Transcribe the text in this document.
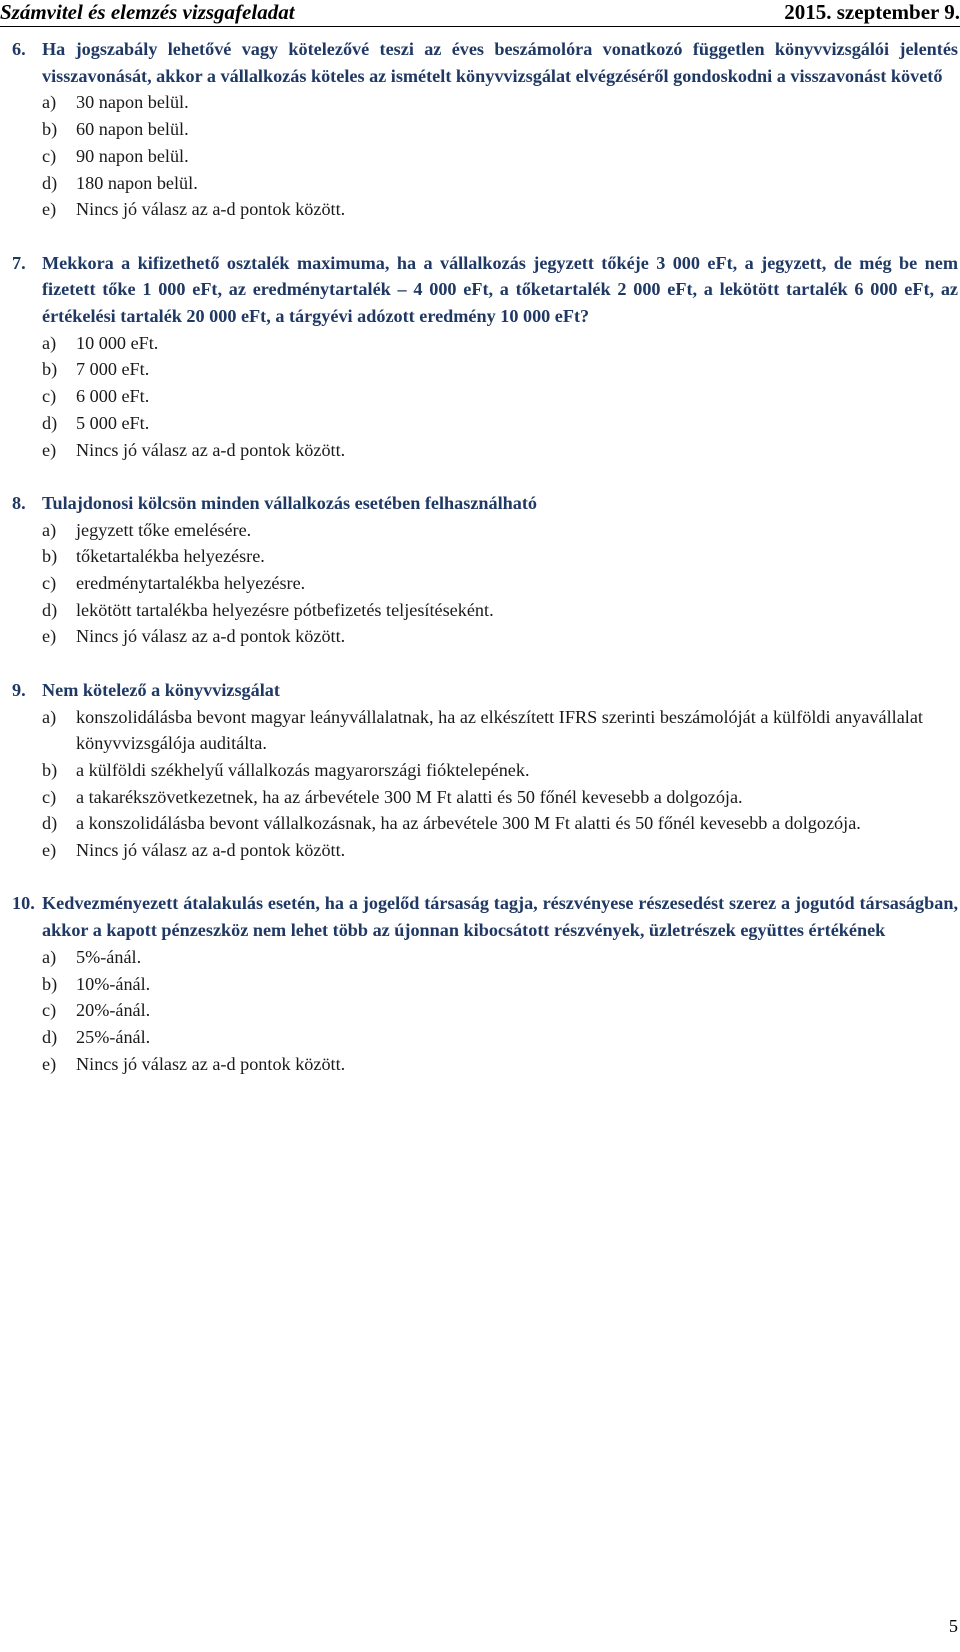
Számvitel és elemzés vizsgafeladat	2015. szeptember 9.
6. Ha jogszabály lehetővé vagy kötelezővé teszi az éves beszámolóra vonatkozó független könyvvizsgálói jelentés visszavonását, akkor a vállalkozás köteles az ismételt könyvvizsgálat elvégzéséről gondoskodni a visszavonást követő
a) 30 napon belül.
b) 60 napon belül.
c) 90 napon belül.
d) 180 napon belül.
e) Nincs jó válasz az a-d pontok között.
7. Mekkora a kifizethető osztalék maximuma, ha a vállalkozás jegyzett tőkéje 3 000 eFt, a jegyzett, de még be nem fizetett tőke 1 000 eFt, az eredménytartalék – 4 000 eFt, a tőketartalék 2 000 eFt, a lekötött tartalék 6 000 eFt, az értékelési tartalék 20 000 eFt, a tárgyévi adózott eredmény 10 000 eFt?
a) 10 000 eFt.
b) 7 000 eFt.
c) 6 000 eFt.
d) 5 000 eFt.
e) Nincs jó válasz az a-d pontok között.
8. Tulajdonosi kölcsön minden vállalkozás esetében felhasználható
a) jegyzett tőke emelésére.
b) tőketartalékba helyezésre.
c) eredménytartalékba helyezésre.
d) lekötött tartalékba helyezésre pótbefizetés teljesítéseként.
e) Nincs jó válasz az a-d pontok között.
9. Nem kötelező a könyvvizsgálat
a) konszolidálásba bevont magyar leányvállalatnak, ha az elkészített IFRS szerinti beszámolóját a külföldi anyavállalat könyvvizsgálója auditálta.
b) a külföldi székhelyű vállalkozás magyarországi fióktelepének.
c) a takarékszövetkezetnek, ha az árbevétele 300 M Ft alatti és 50 főnél kevesebb a dolgozója.
d) a konszolidálásba bevont vállalkozásnak, ha az árbevétele 300 M Ft alatti és 50 főnél kevesebb a dolgozója.
e) Nincs jó válasz az a-d pontok között.
10. Kedvezményezett átalakulás esetén, ha a jogelőd társaság tagja, részvényese részesedést szerez a jogutód társaságban, akkor a kapott pénzeszköz nem lehet több az újonnan kibocsátott részvények, üzletrészek együttes értékének
a) 5%-ánál.
b) 10%-ánál.
c) 20%-ánál.
d) 25%-ánál.
e) Nincs jó válasz az a-d pontok között.
5
